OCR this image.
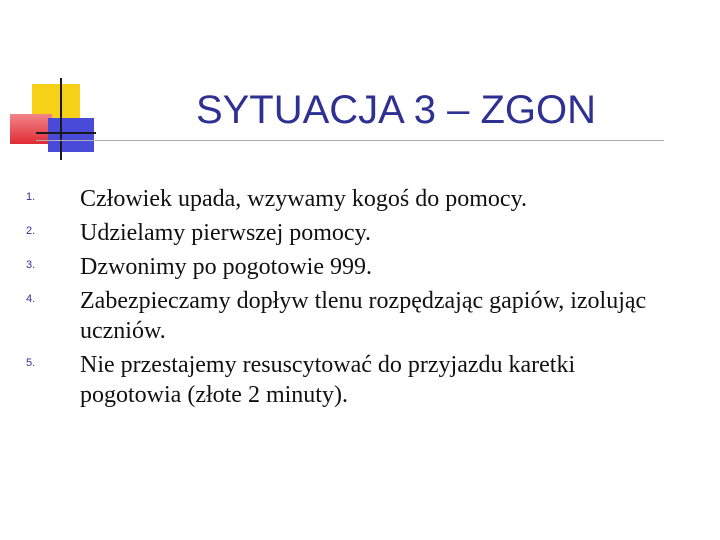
SYTUACJA 3 – ZGON
1.	Człowiek upada, wzywamy kogoś do pomocy.
2.	Udzielamy pierwszej pomocy.
3.	Dzwonimy po pogotowie 999.
4.	Zabezpieczamy dopływ tlenu rozpędzając gapiów, izolując uczniów.
5.	Nie przestajemy resuscytować do przyjazdu karetki pogotowia (złote 2 minuty).
